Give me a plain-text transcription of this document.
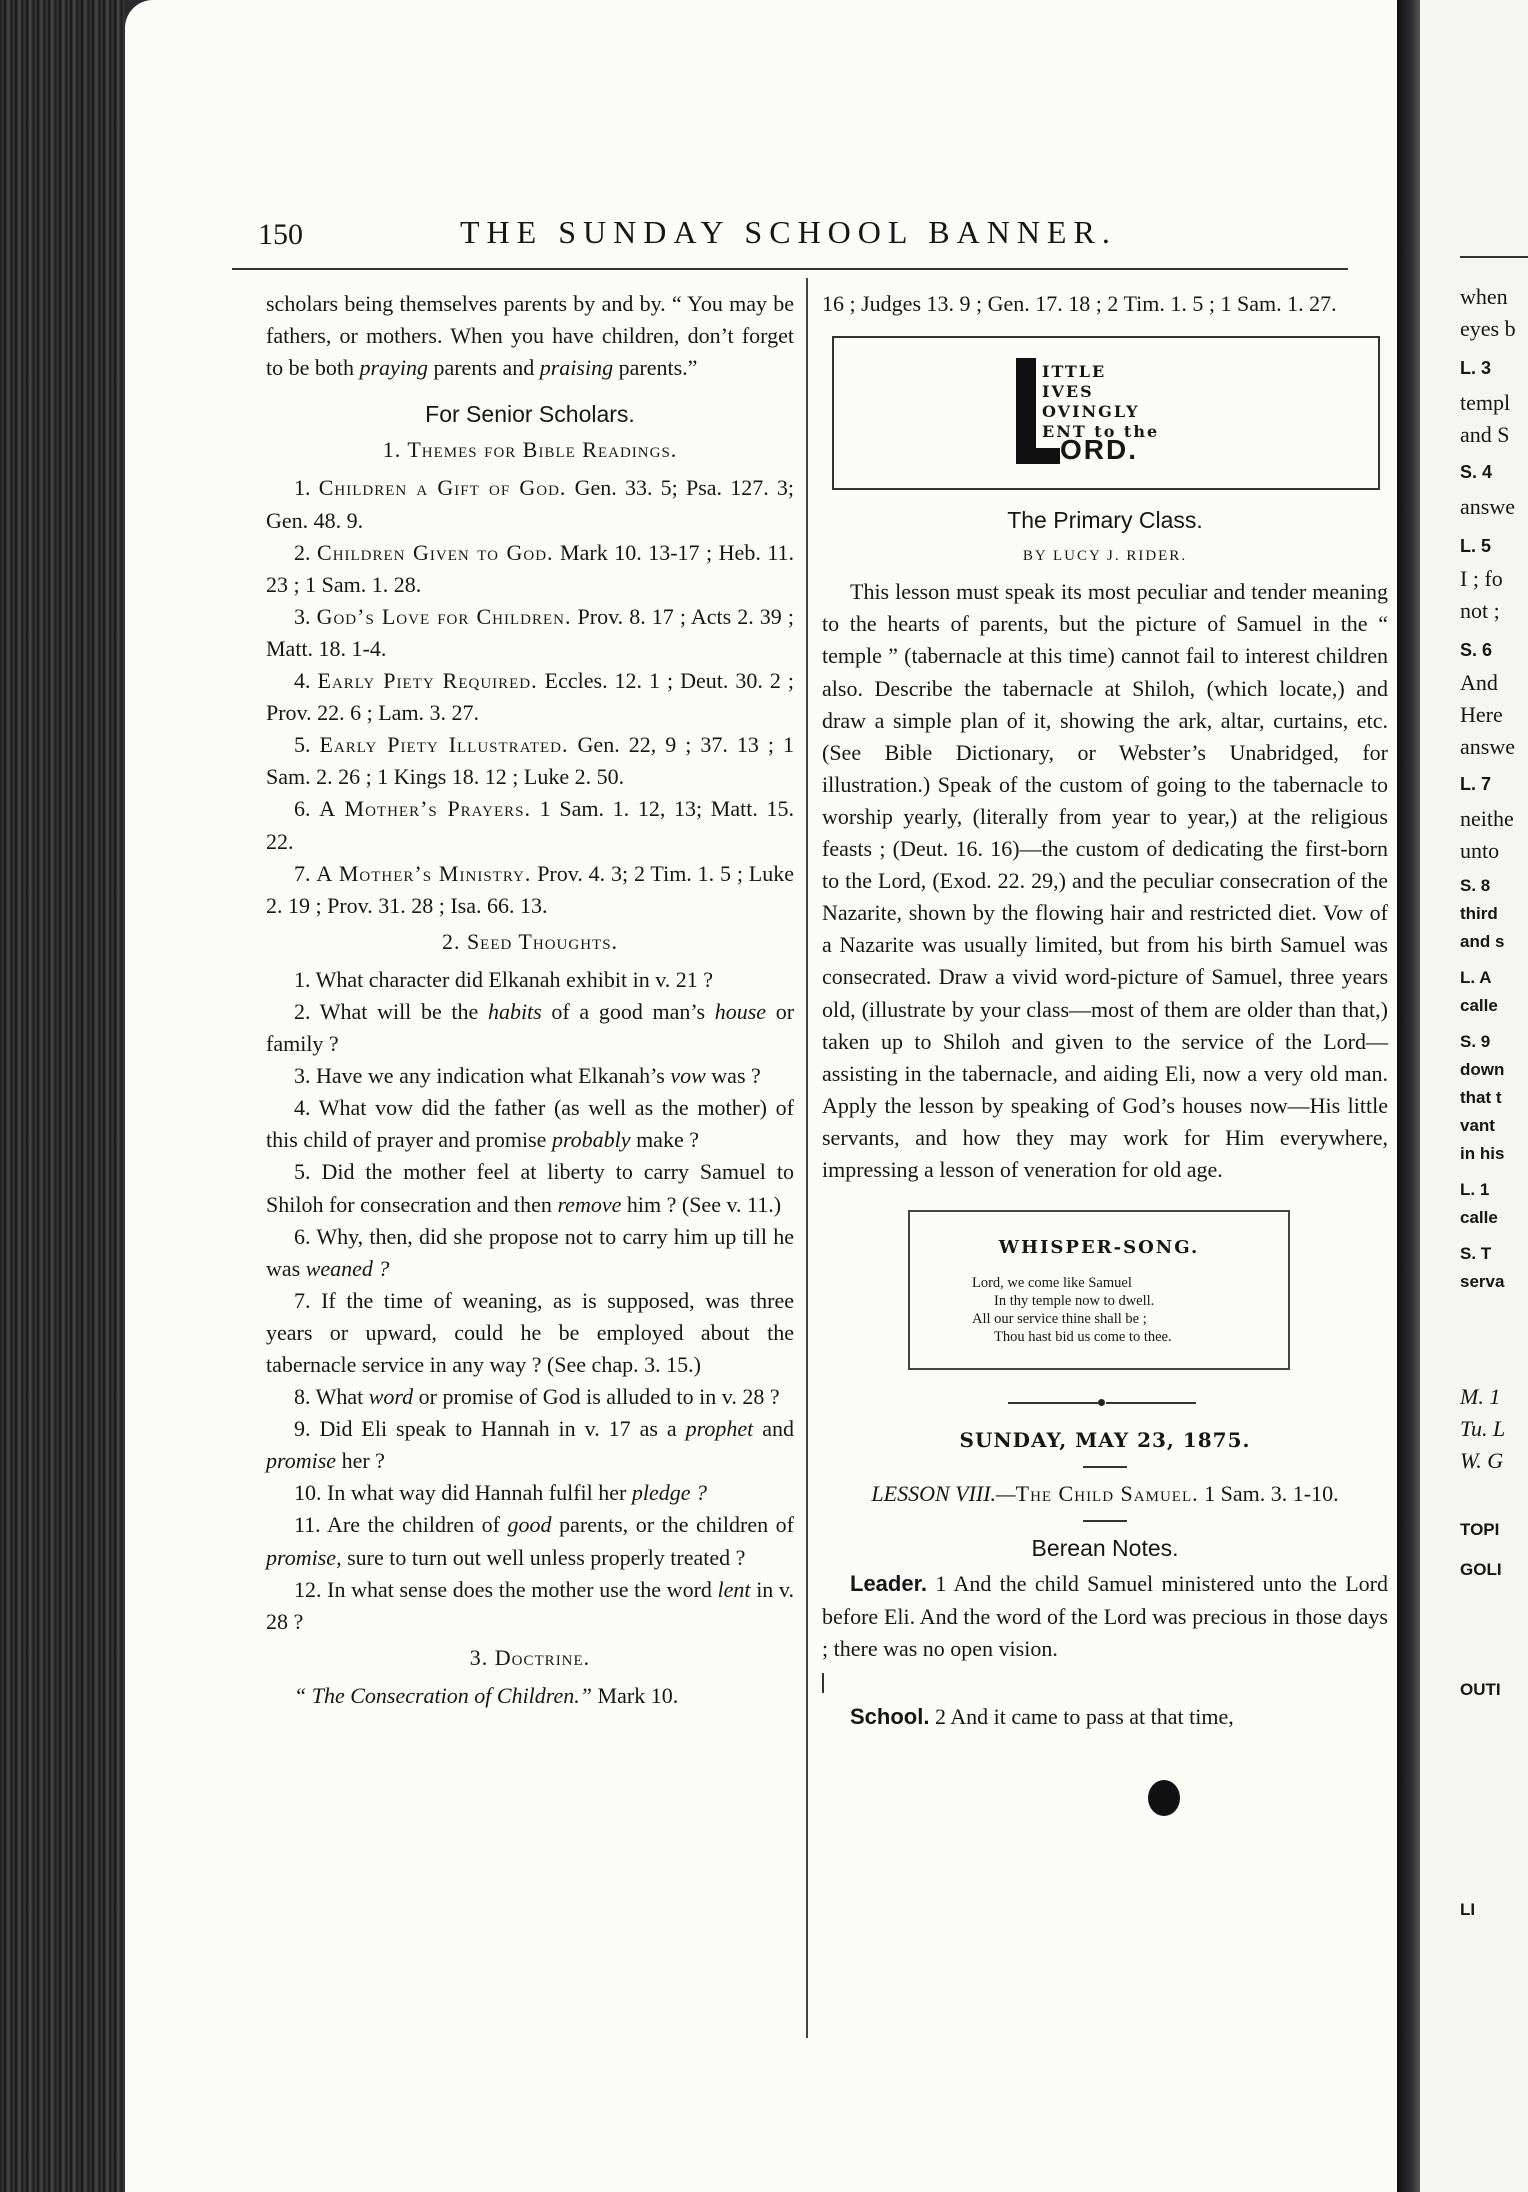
when
eyes b
L. 3
templ
and S
S. 4
answe
L. 5
I ; fo
not ;
S. 6
And
Here
answe
L. 7
neithe
unto
S. 8
third
and s
L. A
calle
S. 9
down
that t
vant
in his
L. 1
calle
S. T
serva
M. 1
Tu. L
W. G
TOPI
GOLI
OUTI
LI
150	THE SUNDAY SCHOOL BANNER.

scholars being themselves parents by and by. “ You may be fathers, or mothers. When you have children, don’t forget to be both praying parents and praising parents.”

For Senior Scholars.

1. Themes for Bible Readings.

1. Children a Gift of God. Gen. 33. 5; Psa. 127. 3; Gen. 48. 9.

2. Children Given to God. Mark 10. 13-17 ; Heb. 11. 23 ; 1 Sam. 1. 28.

3. God’s Love for Children. Prov. 8. 17 ; Acts 2. 39 ; Matt. 18. 1-4.

4. Early Piety Required. Eccles. 12. 1 ; Deut. 30. 2 ; Prov. 22. 6 ; Lam. 3. 27.

5. Early Piety Illustrated. Gen. 22, 9 ; 37. 13 ; 1 Sam. 2. 26 ; 1 Kings 18. 12 ; Luke 2. 50.

6. A Mother’s Prayers. 1 Sam. 1. 12, 13; Matt. 15. 22.

7. A Mother’s Ministry. Prov. 4. 3; 2 Tim. 1. 5 ; Luke 2. 19 ; Prov. 31. 28 ; Isa. 66. 13.

2. Seed Thoughts.

1. What character did Elkanah exhibit in v. 21 ?

2. What will be the habits of a good man’s house or family ?

3. Have we any indication what Elkanah’s vow was ?

4. What vow did the father (as well as the mother) of this child of prayer and promise probably make ?

5. Did the mother feel at liberty to carry Samuel to Shiloh for consecration and then remove him ? (See v. 11.)

6. Why, then, did she propose not to carry him up till he was weaned ?

7. If the time of weaning, as is supposed, was three years or upward, could he be employed about the tabernacle service in any way ? (See chap. 3. 15.)

8. What word or promise of God is alluded to in v. 28 ?

9. Did Eli speak to Hannah in v. 17 as a prophet and promise her ?

10. In what way did Hannah fulfil her pledge ?

11. Are the children of good parents, or the children of promise, sure to turn out well unless properly treated ?

12. In what sense does the mother use the word lent in v. 28 ?

3. Doctrine.

“ The Consecration of Children.” Mark 10.

16 ; Judges 13. 9 ; Gen. 17. 18 ; 2 Tim. 1. 5 ; 1 Sam. 1. 27.

ITTLE
IVES
OVINGLY
ENT to the
ORD.

The Primary Class.

BY LUCY J. RIDER.

This lesson must speak its most peculiar and tender meaning to the hearts of parents, but the picture of Samuel in the “ temple ” (tabernacle at this time) cannot fail to interest children also. Describe the tabernacle at Shiloh, (which locate,) and draw a simple plan of it, showing the ark, altar, curtains, etc. (See Bible Dictionary, or Webster’s Unabridged, for illustration.) Speak of the custom of going to the tabernacle to worship yearly, (literally from year to year,) at the religious feasts ; (Deut. 16. 16)—the custom of dedicating the first-born to the Lord, (Exod. 22. 29,) and the peculiar consecration of the Nazarite, shown by the flowing hair and restricted diet. Vow of a Nazarite was usually limited, but from his birth Samuel was consecrated. Draw a vivid word-picture of Samuel, three years old, (illustrate by your class—most of them are older than that,) taken up to Shiloh and given to the service of the Lord—assisting in the tabernacle, and aiding Eli, now a very old man. Apply the lesson by speaking of God’s houses now—His little servants, and how they may work for Him everywhere, impressing a lesson of veneration for old age.

WHISPER-SONG.
Lord, we come like Samuel
In thy temple now to dwell.
All our service thine shall be ;
Thou hast bid us come to thee.

SUNDAY, MAY 23, 1875.

LESSON VIII.—The Child Samuel. 1 Sam. 3. 1-10.

Berean Notes.

Leader. 1 And the child Samuel ministered unto the Lord before Eli. And the word of the Lord was precious in those days ; there was no open vision.

School. 2 And it came to pass at that time,
